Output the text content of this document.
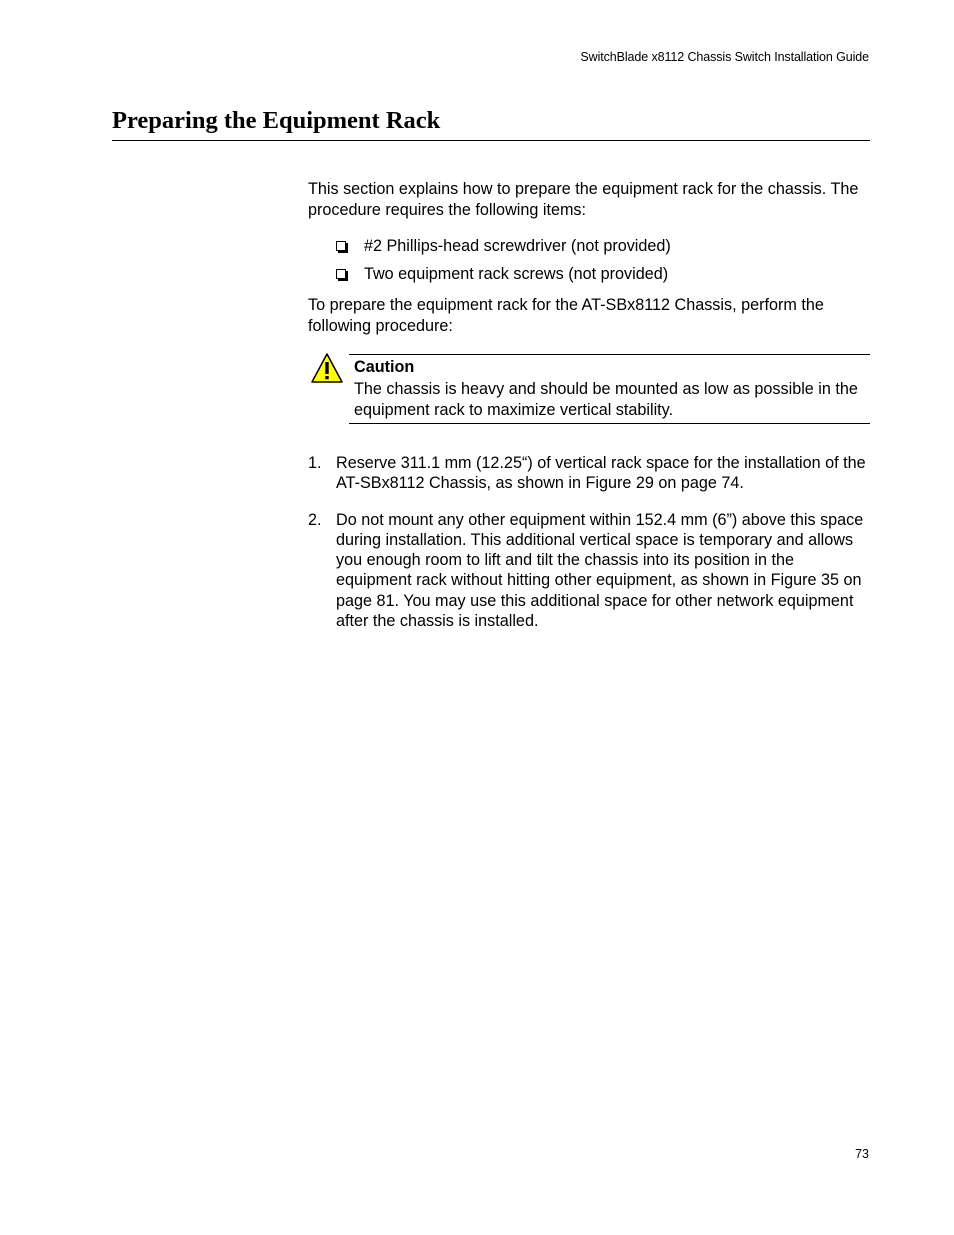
SwitchBlade x8112 Chassis Switch Installation Guide
Preparing the Equipment Rack

This section explains how to prepare the equipment rack for the chassis. The procedure requires the following items:

#2 Phillips-head screwdriver (not provided)
Two equipment rack screws (not provided)

To prepare the equipment rack for the AT-SBx8112 Chassis, perform the following procedure:

Caution

The chassis is heavy and should be mounted as low as possible in the equipment rack to maximize vertical stability.

1. Reserve 311.1 mm (12.25“) of vertical rack space for the installation of the AT-SBx8112 Chassis, as shown in Figure 29 on page 74.
2. Do not mount any other equipment within 152.4 mm (6”) above this space during installation. This additional vertical space is temporary and allows you enough room to lift and tilt the chassis into its position in the equipment rack without hitting other equipment, as shown in Figure 35 on page 81. You may use this additional space for other network equipment after the chassis is installed.
73
